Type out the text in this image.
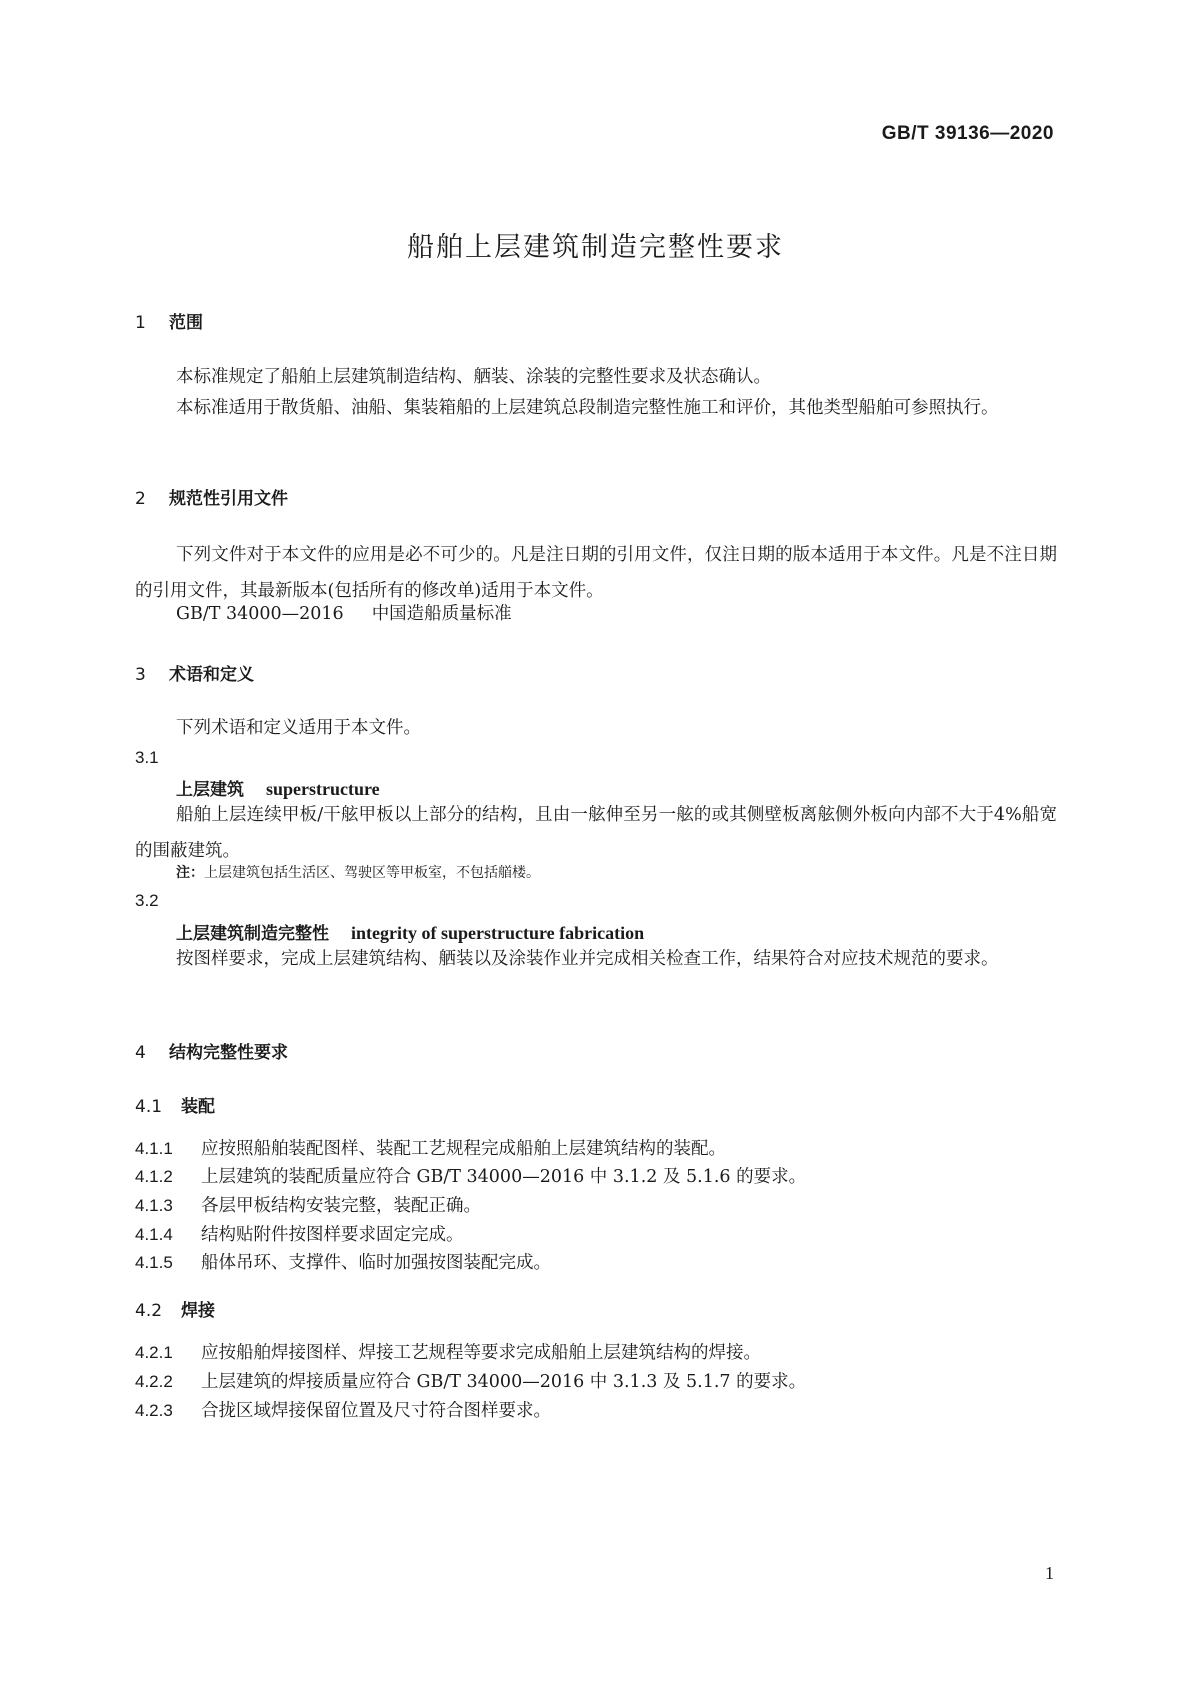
GB/T 39136—2020
船舶上层建筑制造完整性要求
1 范围
本标准规定了船舶上层建筑制造结构、舾装、涂装的完整性要求及状态确认。
本标准适用于散货船、油船、集装箱船的上层建筑总段制造完整性施工和评价，其他类型船舶可参照执行。
2 规范性引用文件
下列文件对于本文件的应用是必不可少的。凡是注日期的引用文件，仅注日期的版本适用于本文件。凡是不注日期的引用文件，其最新版本(包括所有的修改单)适用于本文件。
GB/T 34000—2016 中国造船质量标准
3 术语和定义
下列术语和定义适用于本文件。
3.1
上层建筑 superstructure
船舶上层连续甲板/干舷甲板以上部分的结构，且由一舷伸至另一舷的或其侧壁板离舷侧外板向内部不大于4%船宽的围蔽建筑。
注：上层建筑包括生活区、驾驶区等甲板室，不包括艏楼。
3.2
上层建筑制造完整性 integrity of superstructure fabrication
按图样要求，完成上层建筑结构、舾装以及涂装作业并完成相关检查工作，结果符合对应技术规范的要求。
4 结构完整性要求
4.1 装配
4.1.1 应按照船舶装配图样、装配工艺规程完成船舶上层建筑结构的装配。
4.1.2 上层建筑的装配质量应符合 GB/T 34000—2016 中 3.1.2 及 5.1.6 的要求。
4.1.3 各层甲板结构安装完整，装配正确。
4.1.4 结构贴附件按图样要求固定完成。
4.1.5 船体吊环、支撑件、临时加强按图装配完成。
4.2 焊接
4.2.1 应按船舶焊接图样、焊接工艺规程等要求完成船舶上层建筑结构的焊接。
4.2.2 上层建筑的焊接质量应符合 GB/T 34000—2016 中 3.1.3 及 5.1.7 的要求。
4.2.3 合拢区域焊接保留位置及尺寸符合图样要求。
1
